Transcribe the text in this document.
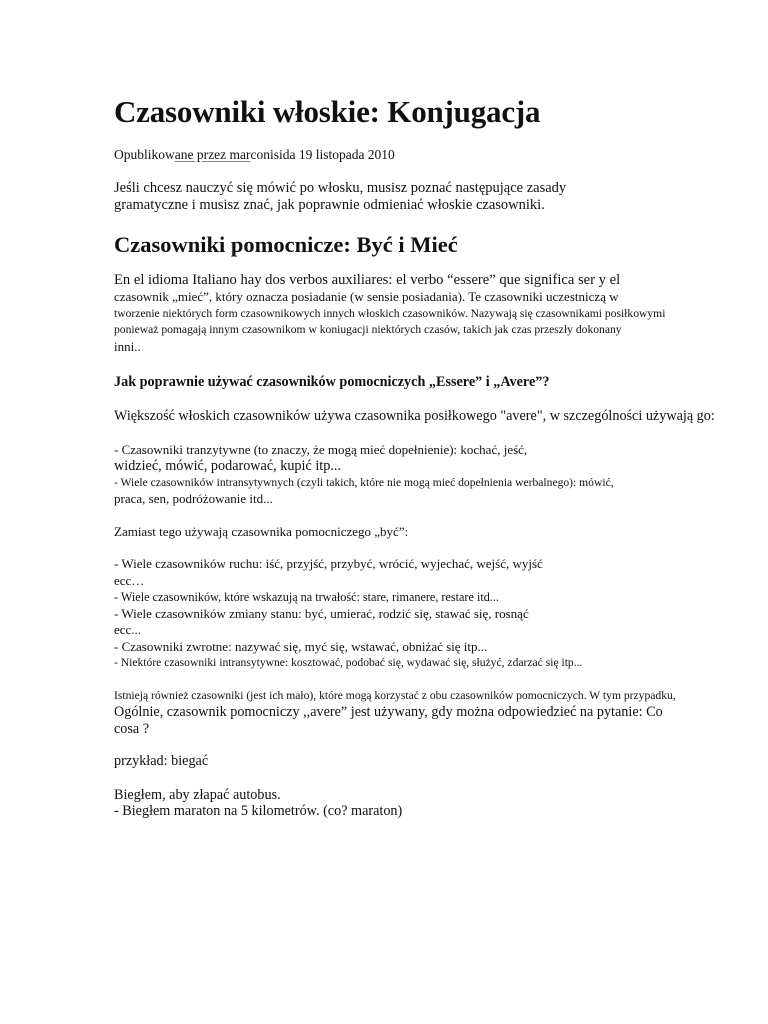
Czasowniki włoskie: Konjugacja

Opublikowane przez marconisida 19 listopada 2010

Jeśli chcesz nauczyć się mówić po włosku, musisz poznać następujące zasady
gramatyczne i musisz znać, jak poprawnie odmieniać włoskie czasowniki.

Czasowniki pomocnicze: Być i Mieć

En el idioma Italiano hay dos verbos auxiliares: el verbo “essere” que significa ser y el
czasownik „mieć”, który oznacza posiadanie (w sensie posiadania). Te czasowniki uczestniczą w
tworzenie niektórych form czasownikowych innych włoskich czasowników. Nazywają się czasownikami posiłkowymi
ponieważ pomagają innym czasownikom w koniugacji niektórych czasów, takich jak czas przeszły dokonany
inni..

Jak poprawnie używać czasowników pomocniczych „Essere” i „Avere”?

Większość włoskich czasowników używa czasownika posiłkowego "avere", w szczególności używają go:

- Czasowniki tranzytywne (to znaczy, że mogą mieć dopełnienie): kochać, jeść,
widzieć, mówić, podarować, kupić itp...
- Wiele czasowników intransytywnych (czyli takich, które nie mogą mieć dopełnienia werbalnego): mówić,
praca, sen, podróżowanie itd...

Zamiast tego używają czasownika pomocniczego „być”:

- Wiele czasowników ruchu: iść, przyjść, przybyć, wrócić, wyjechać, wejść, wyjść
ecc…
- Wiele czasowników, które wskazują na trwałość: stare, rimanere, restare itd...
- Wiele czasowników zmiany stanu: być, umierać, rodzić się, stawać się, rosnąć
ecc...
- Czasowniki zwrotne: nazywać się, myć się, wstawać, obniżać się itp...
- Niektóre czasowniki intransytywne: kosztować, podobać się, wydawać się, służyć, zdarzać się itp...

Istnieją również czasowniki (jest ich mało), które mogą korzystać z obu czasowników pomocniczych. W tym przypadku,
Ogólnie, czasownik pomocniczy ,,avere” jest używany, gdy można odpowiedzieć na pytanie: Co
cosa ?

przykład: biegać

Biegłem, aby złapać autobus.
- Biegłem maraton na 5 kilometrów. (co? maraton)
